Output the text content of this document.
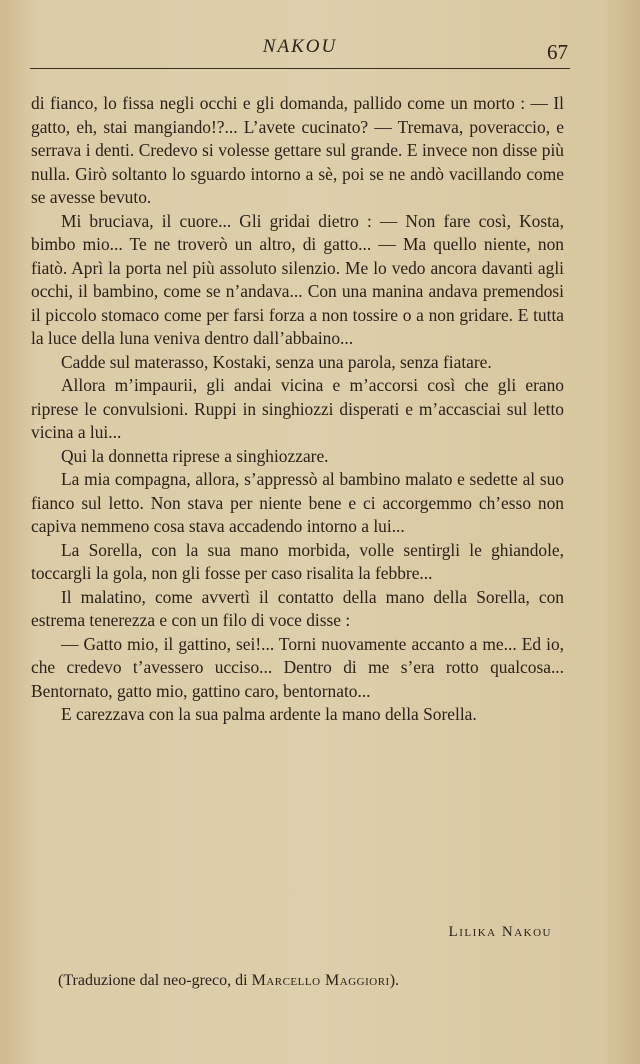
NAKOU	67

di fianco, lo fissa negli occhi e gli domanda, pallido come un morto : — Il gatto, eh, stai mangiando!?... L’avete cucinato? — Tremava, poveraccio, e serrava i denti. Credevo si volesse gettare sul grande. E invece non disse più nulla. Girò soltanto lo sguardo intorno a sè, poi se ne andò vacillando come se avesse bevuto.

Mi bruciava, il cuore... Gli gridai dietro : — Non fare così, Kosta, bimbo mio... Te ne troverò un altro, di gatto... — Ma quello niente, non fiatò. Aprì la porta nel più assoluto silenzio. Me lo vedo ancora davanti agli occhi, il bambino, come se n’andava... Con una manina andava premendosi il piccolo stomaco come per farsi forza a non tossire o a non gridare. E tutta la luce della luna veniva dentro dall’abbaino...

Cadde sul materasso, Kostaki, senza una parola, senza fiatare.

Allora m’impaurii, gli andai vicina e m’accorsi così che gli erano riprese le convulsioni. Ruppi in singhiozzi disperati e m’accasciai sul letto vicina a lui...

Qui la donnetta riprese a singhiozzare.

La mia compagna, allora, s’appressò al bambino malato e sedette al suo fianco sul letto. Non stava per niente bene e ci accorgemmo ch’esso non capiva nemmeno cosa stava accadendo intorno a lui...

La Sorella, con la sua mano morbida, volle sentirgli le ghiandole, toccargli la gola, non gli fosse per caso risalita la febbre...

Il malatino, come avvertì il contatto della mano della Sorella, con estrema tenerezza e con un filo di voce disse :

— Gatto mio, il gattino, sei!... Torni nuovamente accanto a me... Ed io, che credevo t’avessero ucciso... Dentro di me s’era rotto qualcosa... Bentornato, gatto mio, gattino caro, bentornato...

E carezzava con la sua palma ardente la mano della Sorella.

Lilika Nakou
(Traduzione dal neo-greco, di Marcello Maggiori).
